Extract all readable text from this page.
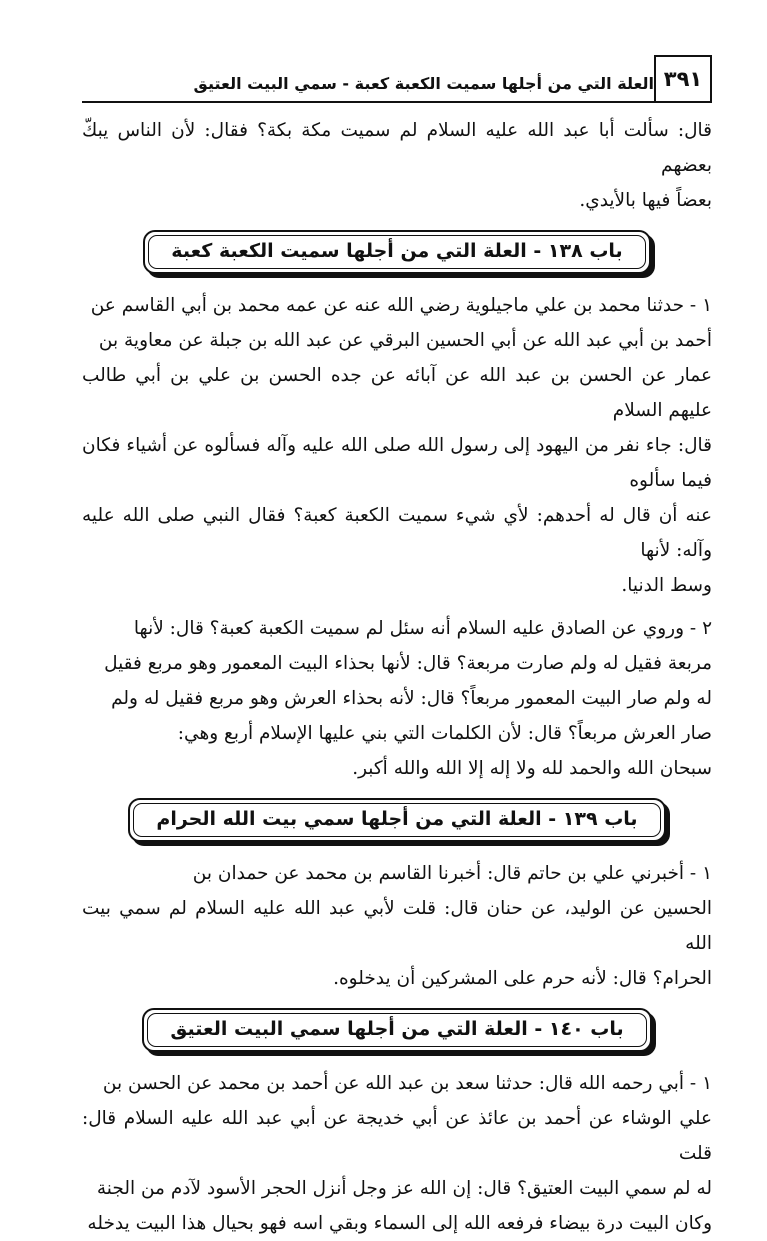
٣٩١
العلة التي من أجلها سميت الكعبة كعبة - سمي البيت العتيق

قال: سألت أبا عبد الله عليه السلام لم سميت مكة بكة؟ فقال: لأن الناس يبكّ بعضهم
بعضاً فيها بالأيدي.

باب ١٣٨ - العلة التي من أجلها سميت الكعبة كعبة

١ - حدثنا محمد بن علي ماجيلوية رضي الله عنه عن عمه محمد بن أبي القاسم عن
أحمد بن أبي عبد الله عن أبي الحسين البرقي عن عبد الله بن جبلة عن معاوية بن
عمار عن الحسن بن عبد الله عن آبائه عن جده الحسن بن علي بن أبي طالب عليهم السلام
قال: جاء نفر من اليهود إلى رسول الله صلى الله عليه وآله فسألوه عن أشياء فكان فيما سألوه
عنه أن قال له أحدهم: لأي شيء سميت الكعبة كعبة؟ فقال النبي صلى الله عليه وآله: لأنها
وسط الدنيا.

٢ - وروي عن الصادق عليه السلام أنه سئل لم سميت الكعبة كعبة؟ قال: لأنها
مربعة فقيل له ولم صارت مربعة؟ قال: لأنها بحذاء البيت المعمور وهو مربع فقيل
له ولم صار البيت المعمور مربعاً؟ قال: لأنه بحذاء العرش وهو مربع فقيل له ولم
صار العرش مربعاً؟ قال: لأن الكلمات التي بني عليها الإسلام أربع وهي:
سبحان الله والحمد لله ولا إله إلا الله والله أكبر.

باب ١٣٩ - العلة التي من أجلها سمي بيت الله الحرام

١ - أخبرني علي بن حاتم قال: أخبرنا القاسم بن محمد عن حمدان بن
الحسين عن الوليد، عن حنان قال: قلت لأبي عبد الله عليه السلام لم سمي بيت الله
الحرام؟ قال: لأنه حرم على المشركين أن يدخلوه.

باب ١٤٠ - العلة التي من أجلها سمي البيت العتيق

١ - أبي رحمه الله قال: حدثنا سعد بن عبد الله عن أحمد بن محمد عن الحسن بن
علي الوشاء عن أحمد بن عائذ عن أبي خديجة عن أبي عبد الله عليه السلام قال: قلت
له لم سمي البيت العتيق؟ قال: إن الله عز وجل أنزل الحجر الأسود لآدم من الجنة
وكان البيت درة بيضاء فرفعه الله إلى السماء وبقي اسه فهو بحيال هذا البيت يدخله
